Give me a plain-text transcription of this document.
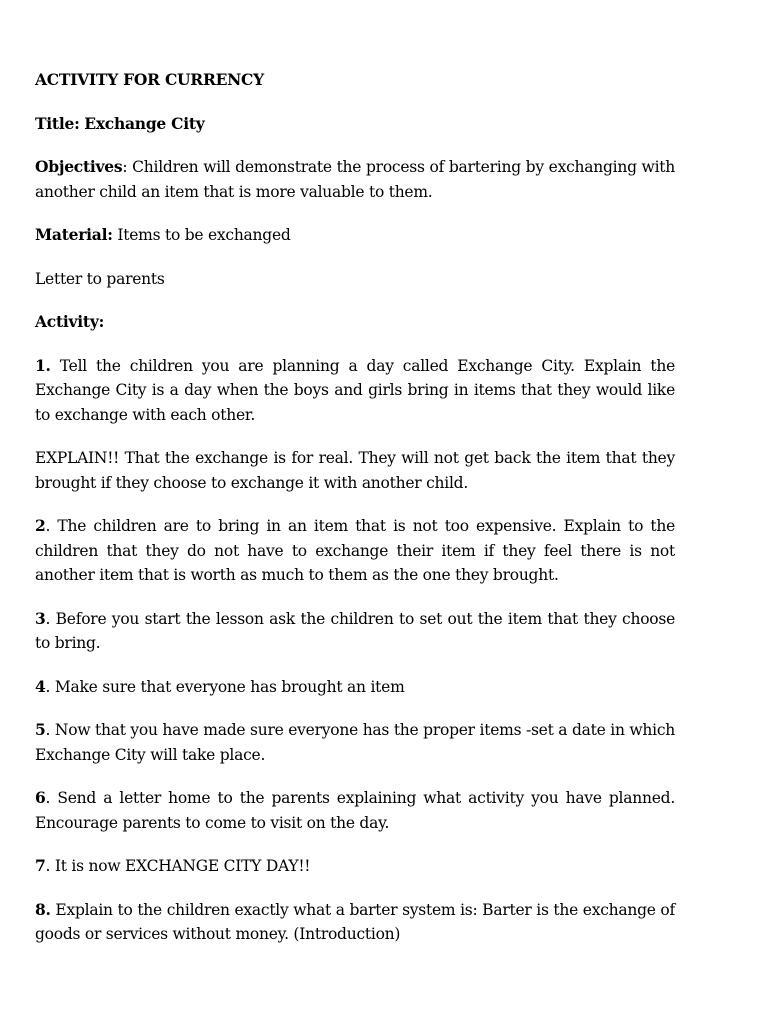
ACTIVITY FOR CURRENCY

Title: Exchange City

Objectives: Children will demonstrate the process of bartering by exchanging with another child an item that is more valuable to them.

Material: Items to be exchanged

Letter to parents

Activity:

1. Tell the children you are planning a day called Exchange City. Explain the Exchange City is a day when the boys and girls bring in items that they would like to exchange with each other.

EXPLAIN!! That the exchange is for real. They will not get back the item that they brought if they choose to exchange it with another child.

2. The children are to bring in an item that is not too expensive. Explain to the children that they do not have to exchange their item if they feel there is not another item that is worth as much to them as the one they brought.

3. Before you start the lesson ask the children to set out the item that they choose to bring.

4. Make sure that everyone has brought an item

5. Now that you have made sure everyone has the proper items -set a date in which Exchange City will take place.

6. Send a letter home to the parents explaining what activity you have planned. Encourage parents to come to visit on the day.

7. It is now EXCHANGE CITY DAY!!

8. Explain to the children exactly what a barter system is: Barter is the exchange of goods or services without money. (Introduction)
